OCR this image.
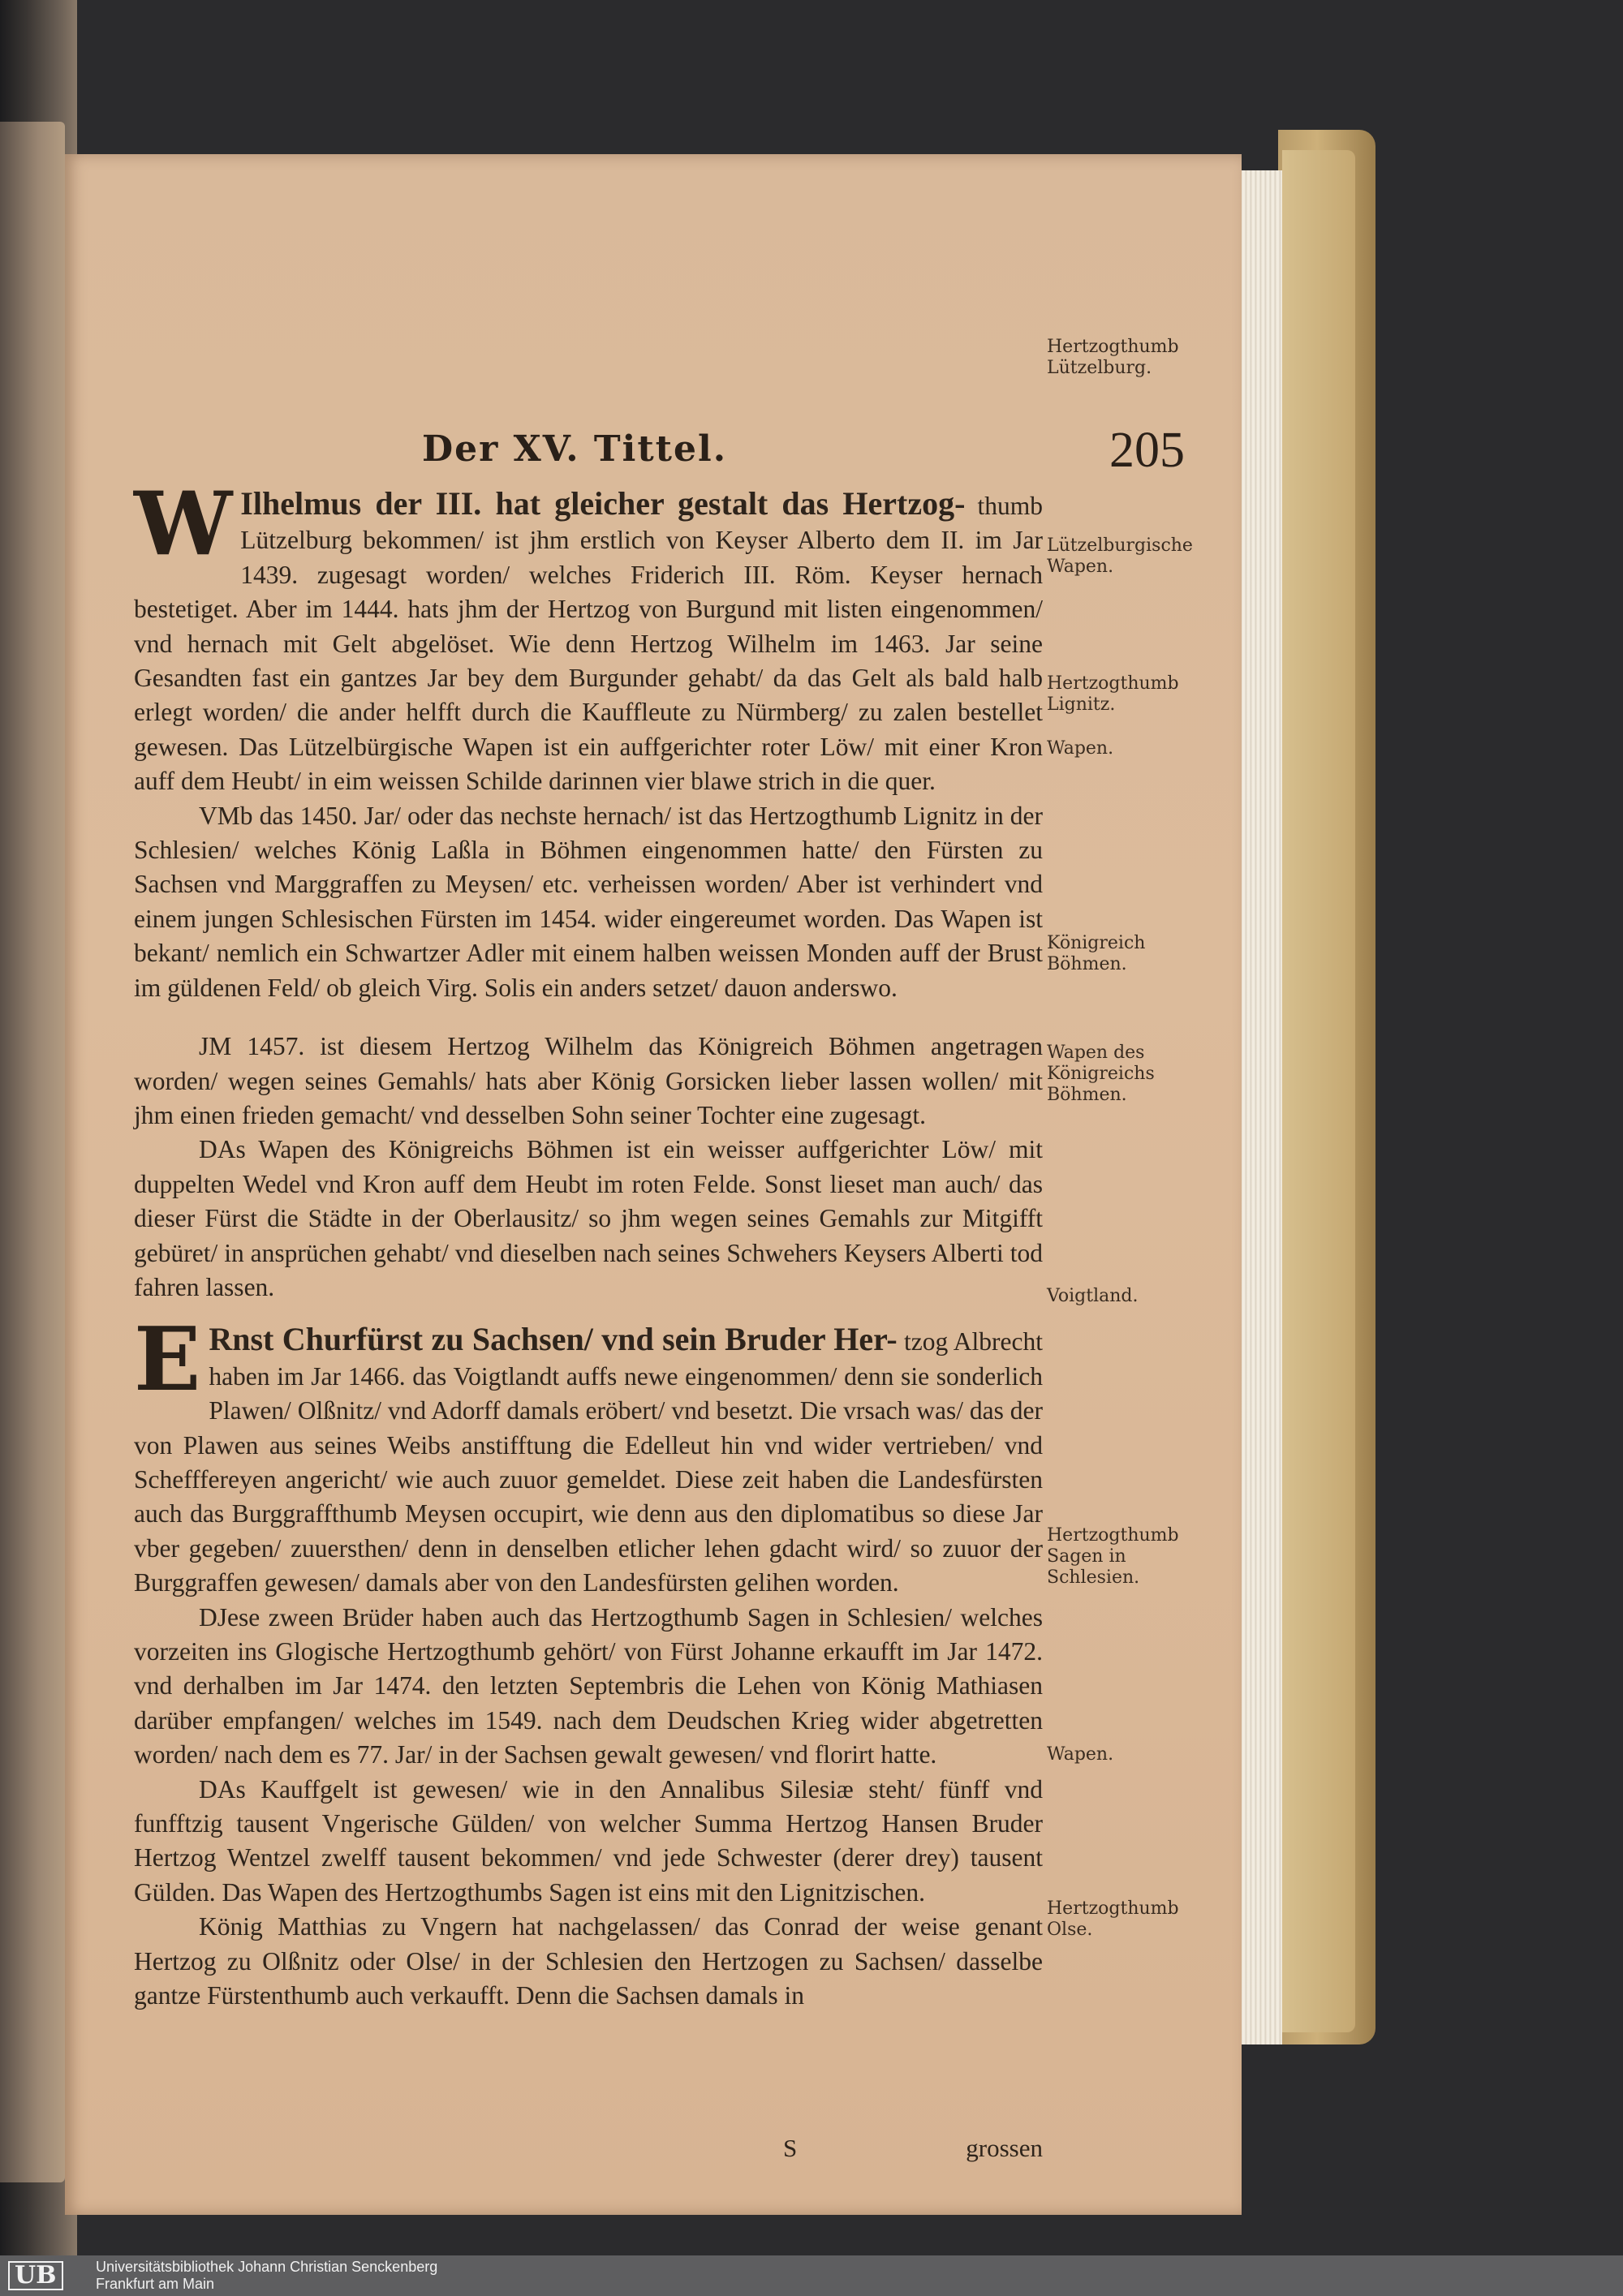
Der XV. Tittel.	205

W Ilhelmus der III. hat gleicher gestalt das Hertzog- thumb Lützelburg bekommen/ ist jhm erstlich von Keyser Alberto dem II. im Jar 1439. zugesagt worden/ welches Friderich III. Röm. Keyser hernach bestetiget. Aber im 1444. hats jhm der Hertzog von Burgund mit listen eingenommen/ vnd hernach mit Gelt abgelöset. Wie denn Hertzog Wilhelm im 1463. Jar seine Gesandten fast ein gantzes Jar bey dem Burgunder gehabt/ da das Gelt als bald halb erlegt worden/ die ander helfft durch die Kauffleute zu Nürmberg/ zu zalen bestellet gewesen. Das Lützelbürgische Wapen ist ein auffgerichter roter Löw/ mit einer Kron auff dem Heubt/ in eim weissen Schilde darinnen vier blawe strich in die quer.

VMb das 1450. Jar/ oder das nechste hernach/ ist das Hertzogthumb Lignitz in der Schlesien/ welches König Laßla in Böhmen eingenommen hatte/ den Fürsten zu Sachsen vnd Marggraffen zu Meysen/ etc. verheissen worden/ Aber ist verhindert vnd einem jungen Schlesischen Fürsten im 1454. wider eingereumet worden. Das Wapen ist bekant/ nemlich ein Schwartzer Adler mit einem halben weissen Monden auff der Brust im güldenen Feld/ ob gleich Virg. Solis ein anders setzet/ dauon anderswo.

JM 1457. ist diesem Hertzog Wilhelm das Königreich Böhmen angetragen worden/ wegen seines Gemahls/ hats aber König Gorsicken lieber lassen wollen/ mit jhm einen frieden gemacht/ vnd desselben Sohn seiner Tochter eine zugesagt.

DAs Wapen des Königreichs Böhmen ist ein weisser auffgerichter Löw/ mit duppelten Wedel vnd Kron auff dem Heubt im roten Felde. Sonst lieset man auch/ das dieser Fürst die Städte in der Oberlausitz/ so jhm wegen seines Gemahls zur Mitgifft gebüret/ in ansprüchen gehabt/ vnd dieselben nach seines Schwehers Keysers Alberti tod fahren lassen.

E Rnst Churfürst zu Sachsen/ vnd sein Bruder Her- tzog Albrecht haben im Jar 1466. das Voigtlandt auffs newe eingenommen/ denn sie sonderlich Plawen/ Olßnitz/ vnd Adorff damals eröbert/ vnd besetzt. Die vrsach was/ das der von Plawen aus seines Weibs anstifftung die Edelleut hin vnd wider vertrieben/ vnd Schefffereyen angericht/ wie auch zuuor gemeldet. Diese zeit haben die Landesfürsten auch das Burggraffthumb Meysen occupirt, wie denn aus den diplomatibus so diese Jar vber gegeben/ zuuersthen/ denn in denselben etlicher lehen gdacht wird/ so zuuor der Burggraffen gewesen/ damals aber von den Landesfürsten gelihen worden.

DJese zween Brüder haben auch das Hertzogthumb Sagen in Schlesien/ welches vorzeiten ins Glogische Hertzogthumb gehört/ von Fürst Johanne erkaufft im Jar 1472. vnd derhalben im Jar 1474. den letzten Septembris die Lehen von König Mathiasen darüber empfangen/ welches im 1549. nach dem Deudschen Krieg wider abgetretten worden/ nach dem es 77. Jar/ in der Sachsen gewalt gewesen/ vnd florirt hatte.

DAs Kauffgelt ist gewesen/ wie in den Annalibus Silesiæ steht/ fünff vnd funfftzig tausent Vngerische Gülden/ von welcher Summa Hertzog Hansen Bruder Hertzog Wentzel zwelff tausent bekommen/ vnd jede Schwester (derer drey) tausent Gülden. Das Wapen des Hertzogthumbs Sagen ist eins mit den Lignitzischen.

König Matthias zu Vngern hat nachgelassen/ das Conrad der weise genant Hertzog zu Olßnitz oder Olse/ in der Schlesien den Hertzogen zu Sachsen/ dasselbe gantze Fürstenthumb auch verkaufft. Denn die Sachsen damals in

S	grossen
Hertzogthumb Lützelburg.
Lützelburgische Wapen.
Hertzogthumb Lignitz.
Wapen.
Königreich Böhmen.
Wapen des Königreichs Böhmen.
Voigtland.
Hertzogthumb Sagen in Schlesien.
Wapen.
Hertzogthumb Olse.
UB	Universitätsbibliothek Johann Christian Senckenberg
Frankfurt am Main
